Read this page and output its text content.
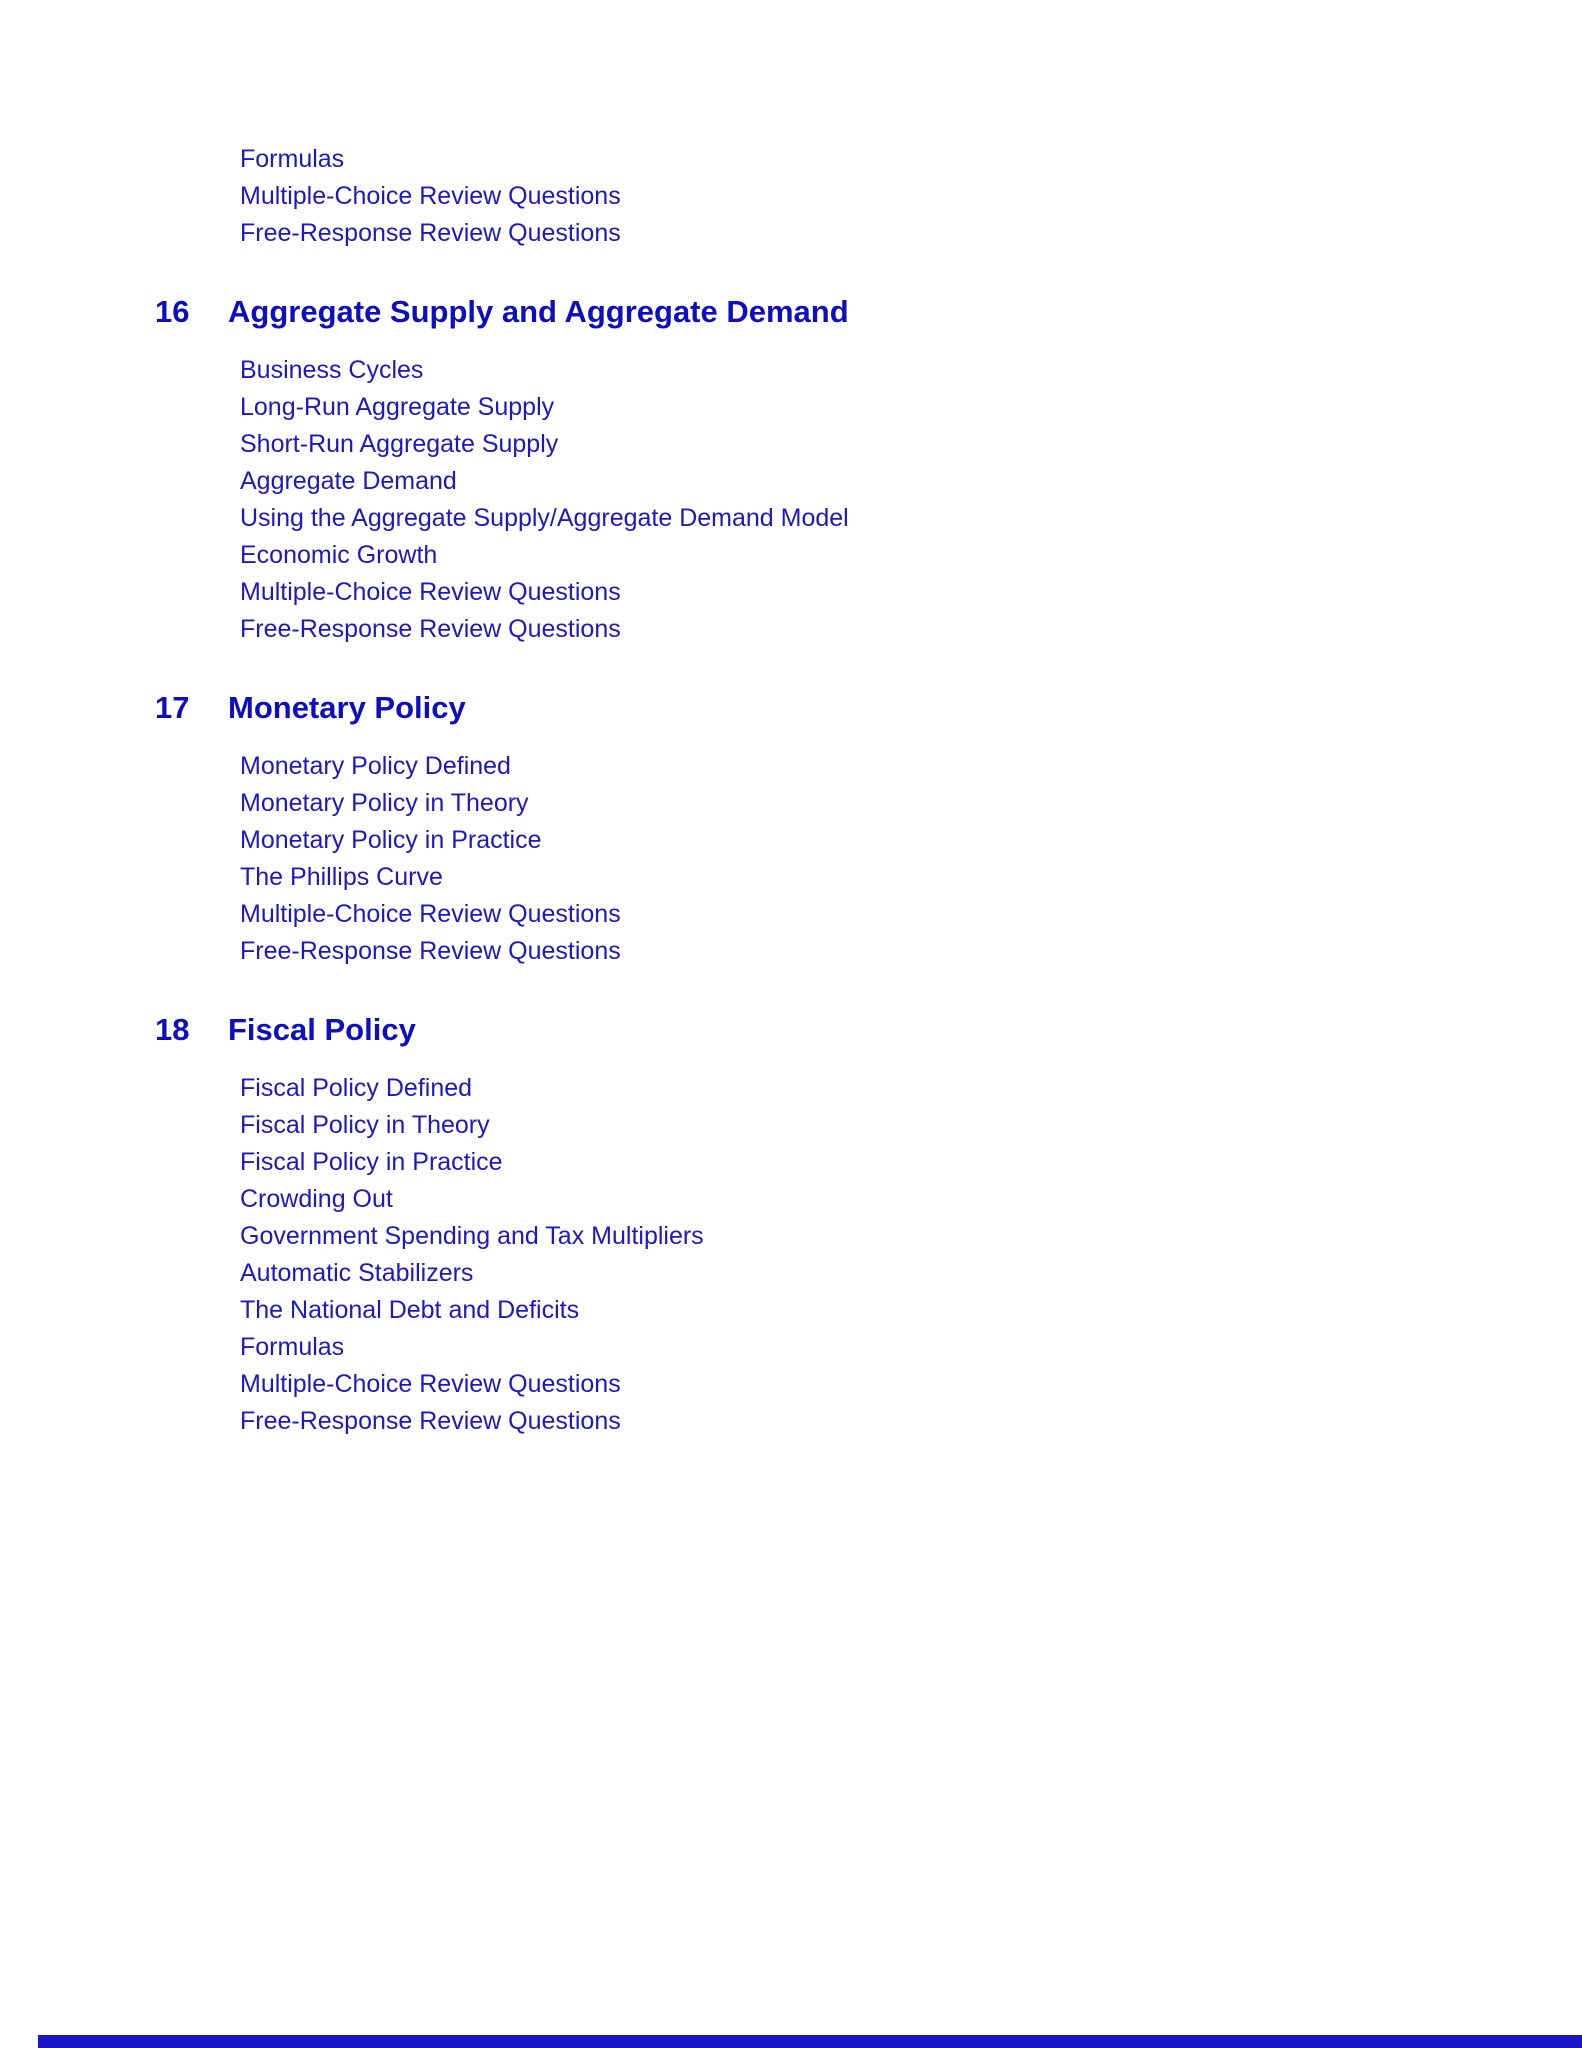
Formulas
Multiple-Choice Review Questions
Free-Response Review Questions
16 Aggregate Supply and Aggregate Demand
Business Cycles
Long-Run Aggregate Supply
Short-Run Aggregate Supply
Aggregate Demand
Using the Aggregate Supply/Aggregate Demand Model
Economic Growth
Multiple-Choice Review Questions
Free-Response Review Questions
17 Monetary Policy
Monetary Policy Defined
Monetary Policy in Theory
Monetary Policy in Practice
The Phillips Curve
Multiple-Choice Review Questions
Free-Response Review Questions
18 Fiscal Policy
Fiscal Policy Defined
Fiscal Policy in Theory
Fiscal Policy in Practice
Crowding Out
Government Spending and Tax Multipliers
Automatic Stabilizers
The National Debt and Deficits
Formulas
Multiple-Choice Review Questions
Free-Response Review Questions
